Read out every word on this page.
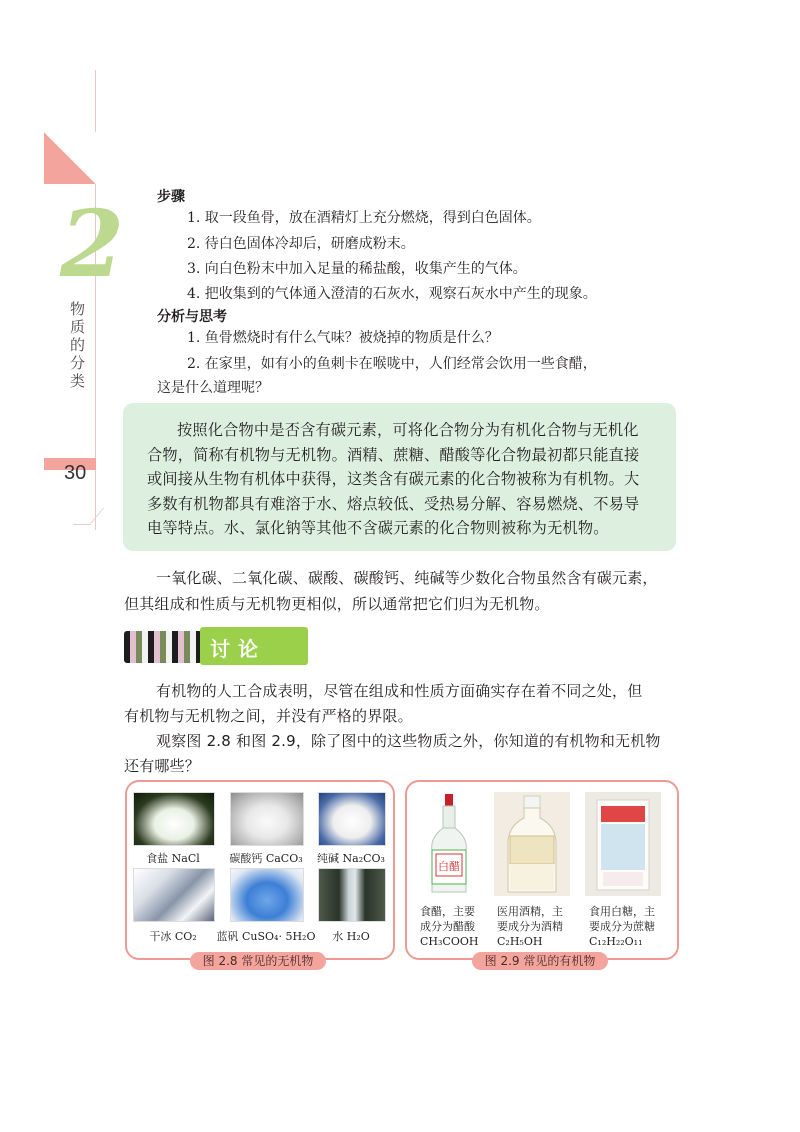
2
物质的分类
30
步骤
1. 取一段鱼骨，放在酒精灯上充分燃烧，得到白色固体。
2. 待白色固体冷却后，研磨成粉末。
3. 向白色粉末中加入足量的稀盐酸，收集产生的气体。
4. 把收集到的气体通入澄清的石灰水，观察石灰水中产生的现象。
分析与思考
1. 鱼骨燃烧时有什么气味？被烧掉的物质是什么？
2. 在家里，如有小的鱼刺卡在喉咙中，人们经常会饮用一些食醋，
这是什么道理呢？
按照化合物中是否含有碳元素，可将化合物分为有机化合物与无机化
合物，简称有机物与无机物。酒精、蔗糖、醋酸等化合物最初都只能直接
或间接从生物有机体中获得，这类含有碳元素的化合物被称为有机物。大
多数有机物都具有难溶于水、熔点较低、受热易分解、容易燃烧、不易导
电等特点。水、氯化钠等其他不含碳元素的化合物则被称为无机物。
一氧化碳、二氧化碳、碳酸、碳酸钙、纯碱等少数化合物虽然含有碳元素，
但其组成和性质与无机物更相似，所以通常把它们归为无机物。
讨论
有机物的人工合成表明，尽管在组成和性质方面确实存在着不同之处，但
有机物与无机物之间，并没有严格的界限。
观察图 2.8 和图 2.9，除了图中的这些物质之外，你知道的有机物和无机物
还有哪些？
食盐 NaCl	碳酸钙 CaCO₃	纯碱 Na₂CO₃
干冰 CO₂	蓝矾 CuSO₄· 5H₂O	水 H₂O
图 2.8 常见的无机物
白醋
食醋，主要
成分为醋酸
CH₃COOH
医用酒精，主
要成分为酒精
C₂H₅OH
食用白糖，主
要成分为蔗糖
C₁₂H₂₂O₁₁
图 2.9 常见的有机物
